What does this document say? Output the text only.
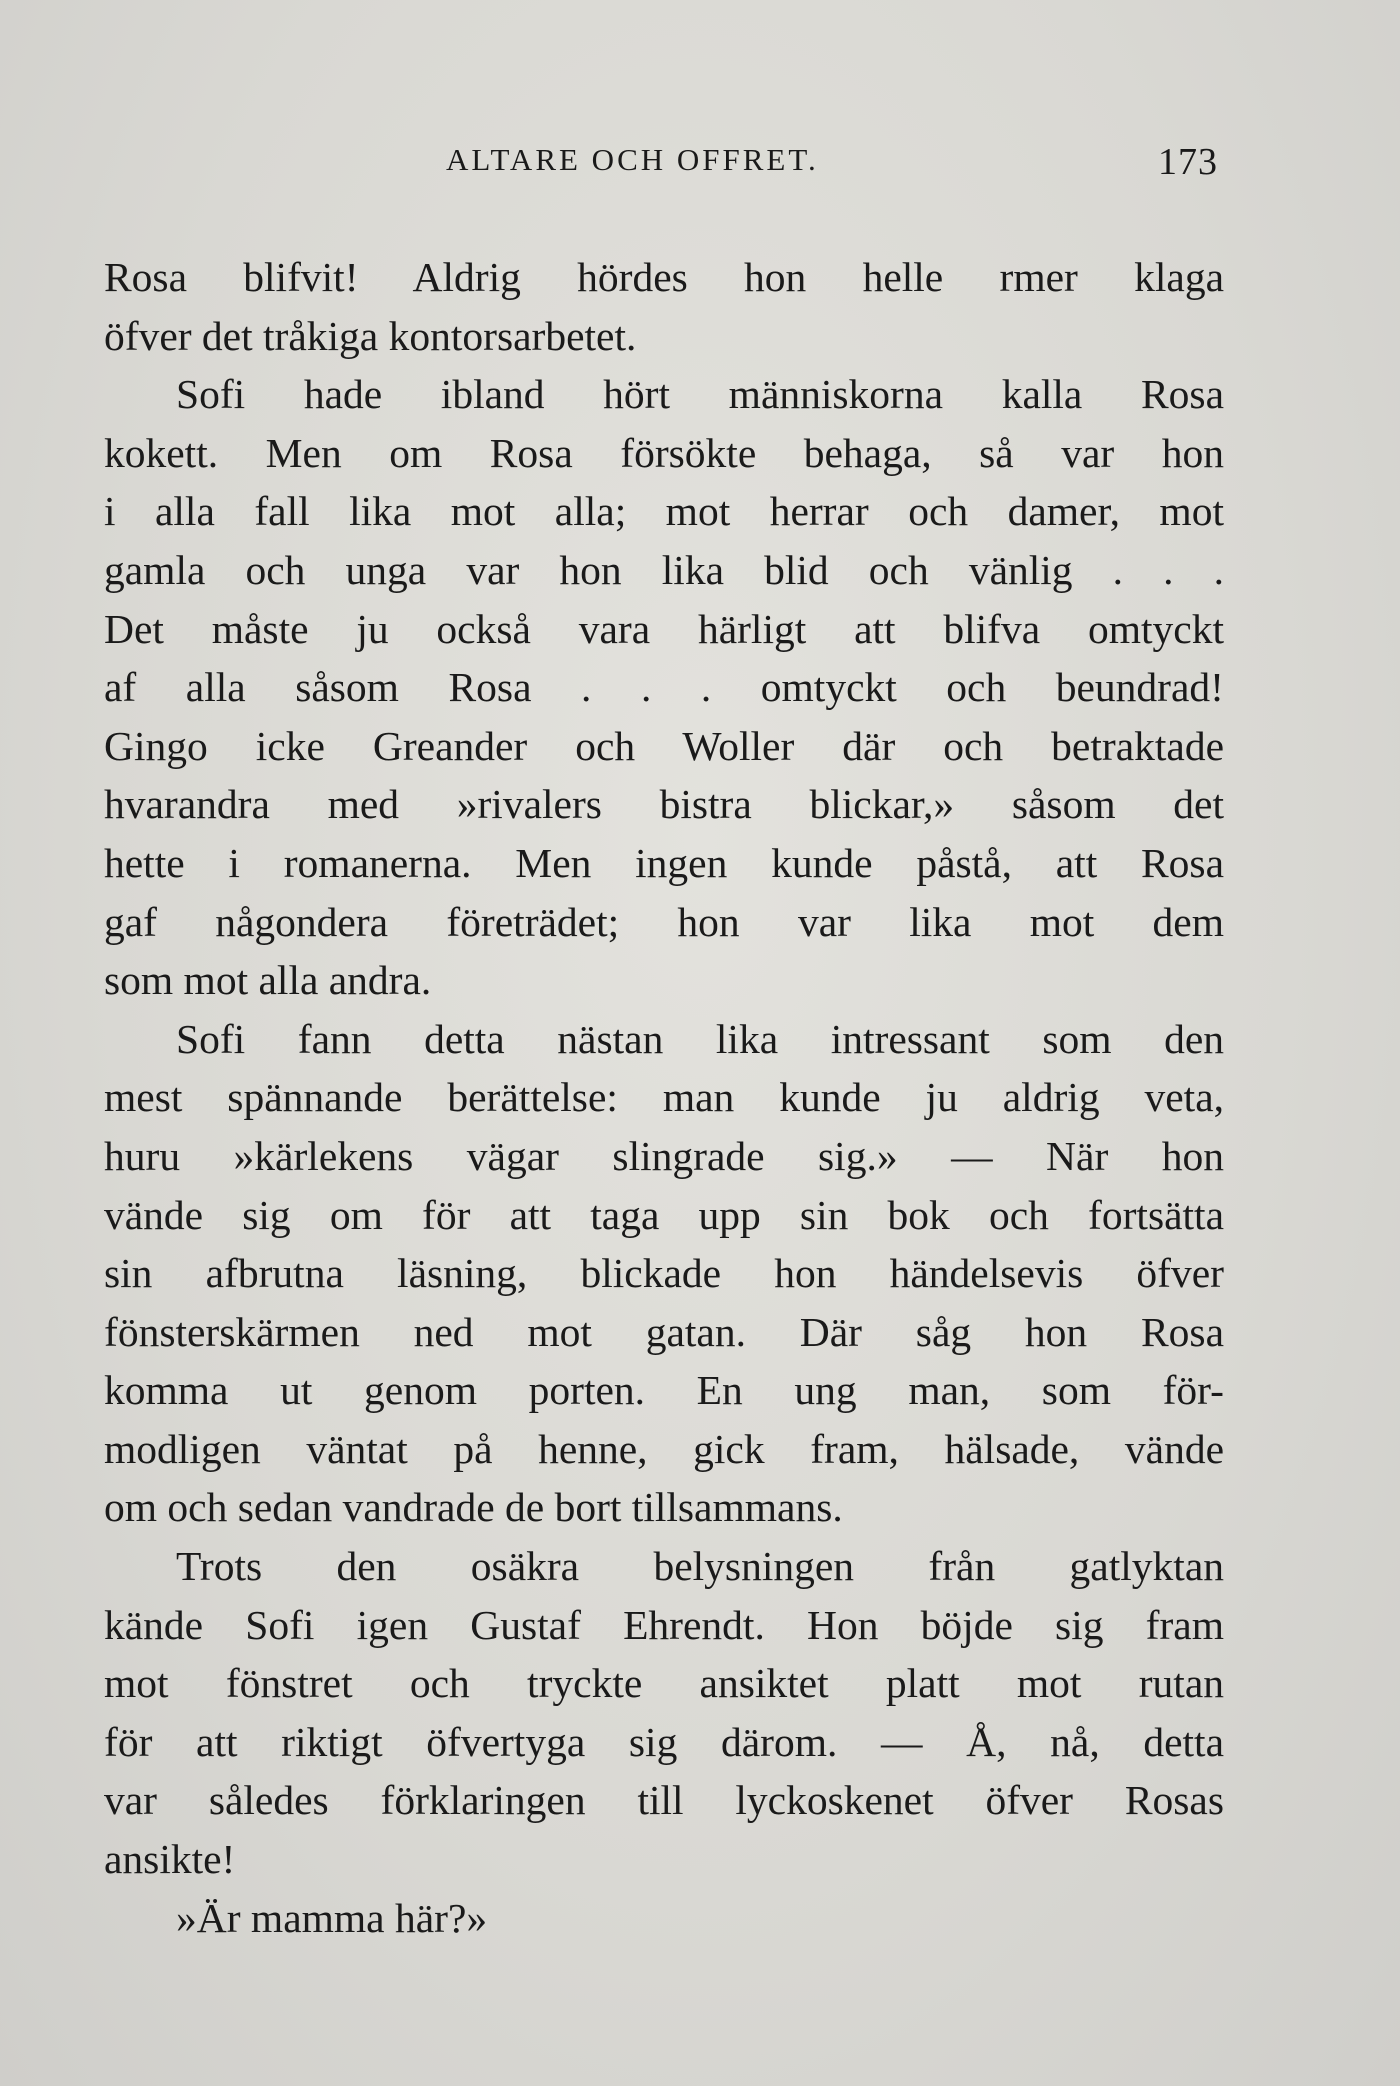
ALTARE OCH OFFRET.	173
Rosa blifvit! Aldrig hördes hon helle rmer klaga
öfver det tråkiga kontorsarbetet.
Sofi hade ibland hört människorna kalla Rosa
kokett. Men om Rosa försökte behaga, så var hon
i alla fall lika mot alla; mot herrar och damer, mot
gamla och unga var hon lika blid och vänlig . . .
Det måste ju också vara härligt att blifva omtyckt
af alla såsom Rosa . . . omtyckt och beundrad!
Gingo icke Greander och Woller där och betraktade
hvarandra med »rivalers bistra blickar,» såsom det
hette i romanerna. Men ingen kunde påstå, att Rosa
gaf någondera företrädet; hon var lika mot dem
som mot alla andra.
Sofi fann detta nästan lika intressant som den
mest spännande berättelse: man kunde ju aldrig veta,
huru »kärlekens vägar slingrade sig.» — När hon
vände sig om för att taga upp sin bok och fortsätta
sin afbrutna läsning, blickade hon händelsevis öfver
fönsterskärmen ned mot gatan. Där såg hon Rosa
komma ut genom porten. En ung man, som för-
modligen väntat på henne, gick fram, hälsade, vände
om och sedan vandrade de bort tillsammans.
Trots den osäkra belysningen från gatlyktan
kände Sofi igen Gustaf Ehrendt. Hon böjde sig fram
mot fönstret och tryckte ansiktet platt mot rutan
för att riktigt öfvertyga sig därom. — Å, nå, detta
var således förklaringen till lyckoskenet öfver Rosas
ansikte!
»Är mamma här?»
